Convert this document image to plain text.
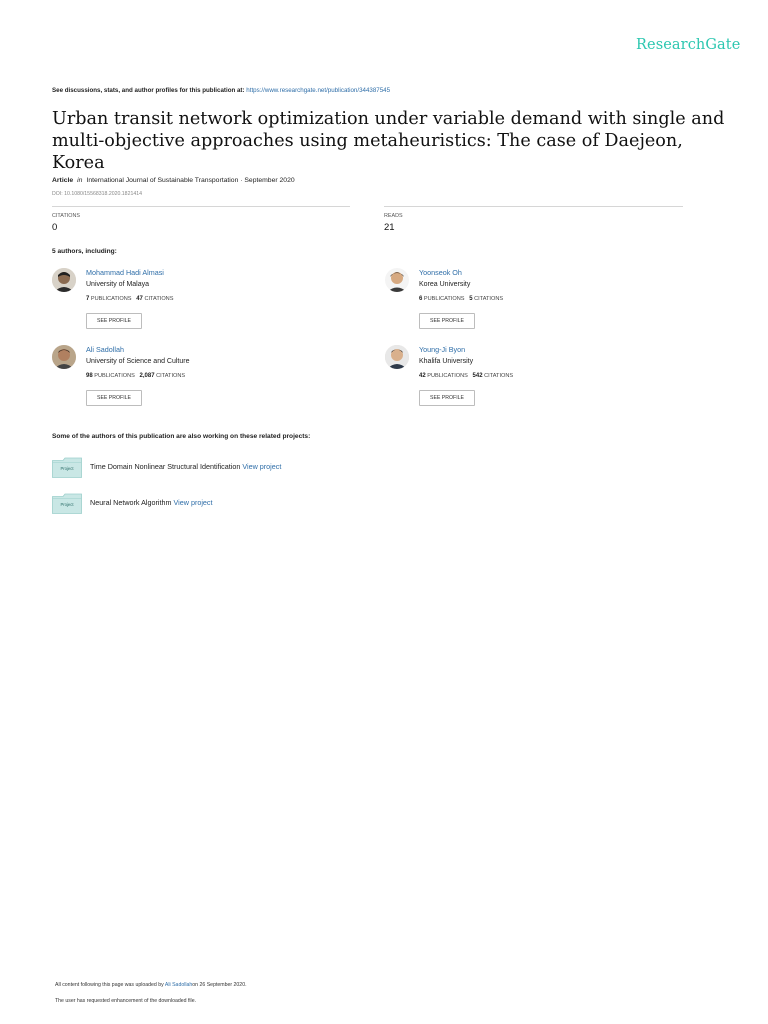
ResearchGate
See discussions, stats, and author profiles for this publication at: https://www.researchgate.net/publication/344387545
Urban transit network optimization under variable demand with single and multi-objective approaches using metaheuristics: The case of Daejeon, Korea
Article in International Journal of Sustainable Transportation · September 2020
DOI: 10.1080/15568318.2020.1821414
CITATIONS
0
READS
21
5 authors, including:
Mohammad Hadi Almasi
University of Malaya
7 PUBLICATIONS 47 CITATIONS
SEE PROFILE
Yoonseok Oh
Korea University
6 PUBLICATIONS 5 CITATIONS
SEE PROFILE
Ali Sadollah
University of Science and Culture
98 PUBLICATIONS 2,087 CITATIONS
SEE PROFILE
Young-Ji Byon
Khalifa University
42 PUBLICATIONS 542 CITATIONS
SEE PROFILE
Some of the authors of this publication are also working on these related projects:
Project	Time Domain Nonlinear Structural Identification View project
Project	Neural Network Algorithm View project
All content following this page was uploaded by Ali Sadollahon 26 September 2020.
The user has requested enhancement of the downloaded file.
